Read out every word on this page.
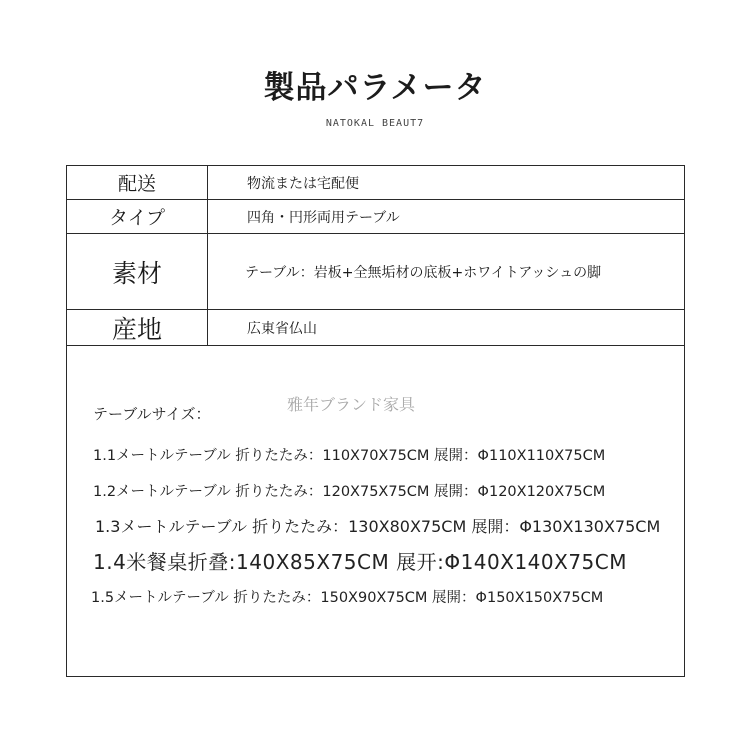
製品パラメータ
NATOKAL BEAUT7
配送	物流または宅配便
タイプ	四角・円形両用テーブル
素材	テーブル：岩板+全無垢材の底板+ホワイトアッシュの脚
産地	広東省仏山
雅年ブランド家具
テーブルサイズ：
1.1メートルテーブル 折りたたみ：110X70X75CM 展開：Φ110X110X75CM
1.2メートルテーブル 折りたたみ：120X75X75CM 展開：Φ120X120X75CM
1.3メートルテーブル 折りたたみ：130X80X75CM 展開：Φ130X130X75CM
1.4米餐桌折叠:140X85X75CM 展开:Φ140X140X75CM
1.5メートルテーブル 折りたたみ：150X90X75CM 展開：Φ150X150X75CM
